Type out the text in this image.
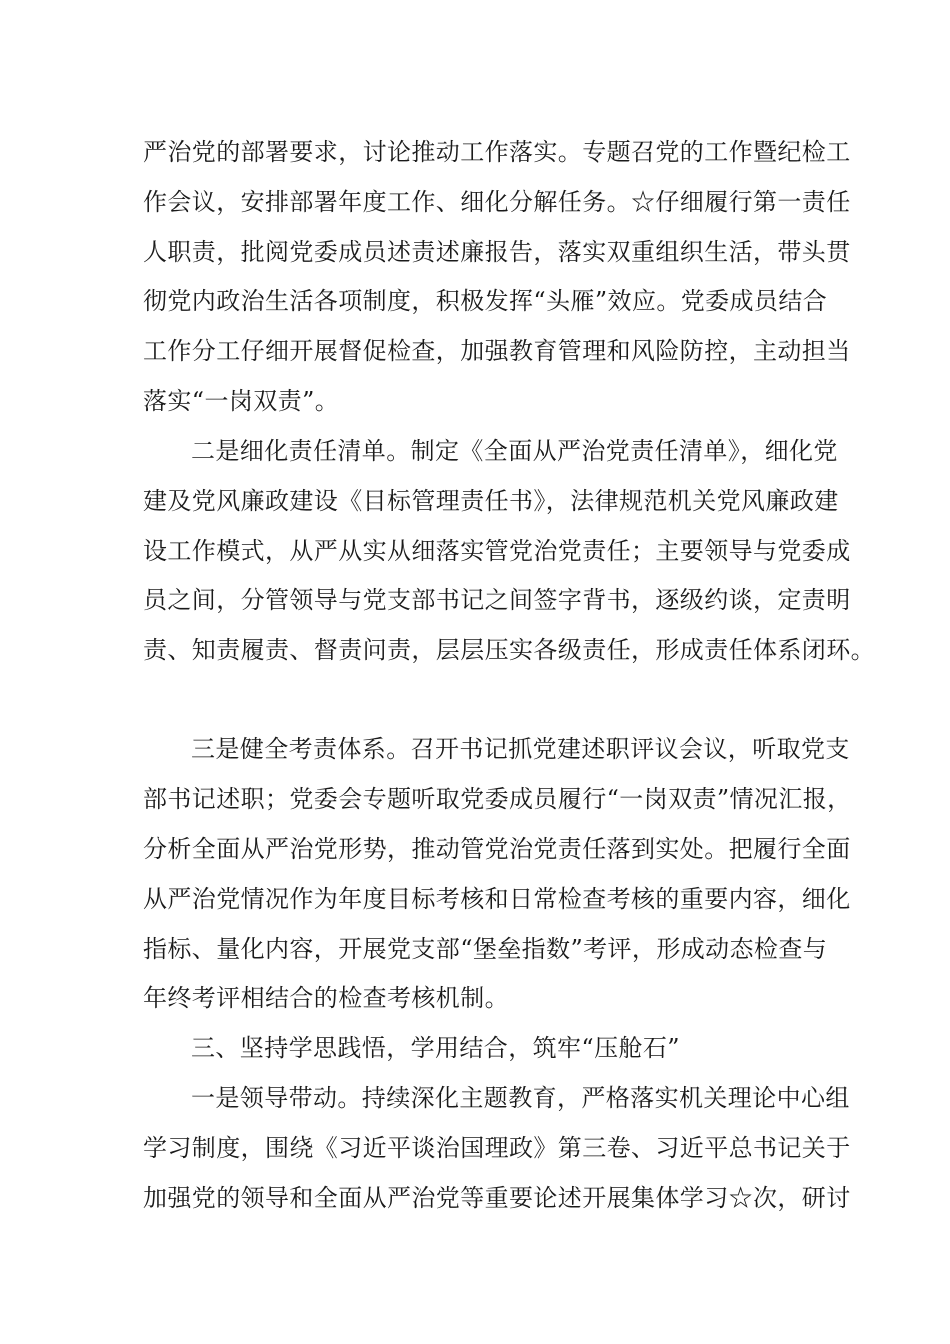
严治党的部署要求，讨论推动工作落实。专题召党的工作暨纪检工
作会议，安排部署年度工作、细化分解任务。☆仔细履行第一责任
人职责，批阅党委成员述责述廉报告，落实双重组织生活，带头贯
彻党内政治生活各项制度，积极发挥“头雁”效应。党委成员结合
工作分工仔细开展督促检查，加强教育管理和风险防控，主动担当
落实“一岗双责”。
二是细化责任清单。制定《全面从严治党责任清单》，细化党
建及党风廉政建设《目标管理责任书》，法律规范机关党风廉政建
设工作模式，从严从实从细落实管党治党责任；主要领导与党委成
员之间，分管领导与党支部书记之间签字背书，逐级约谈，定责明
责、知责履责、督责问责，层层压实各级责任，形成责任体系闭环。
三是健全考责体系。召开书记抓党建述职评议会议，听取党支
部书记述职；党委会专题听取党委成员履行“一岗双责”情况汇报，
分析全面从严治党形势，推动管党治党责任落到实处。把履行全面
从严治党情况作为年度目标考核和日常检查考核的重要内容，细化
指标、量化内容，开展党支部“堡垒指数”考评，形成动态检查与
年终考评相结合的检查考核机制。
三、坚持学思践悟，学用结合，筑牢“压舱石”
一是领导带动。持续深化主题教育，严格落实机关理论中心组
学习制度，围绕《习近平谈治国理政》第三卷、习近平总书记关于
加强党的领导和全面从严治党等重要论述开展集体学习☆次，研讨
